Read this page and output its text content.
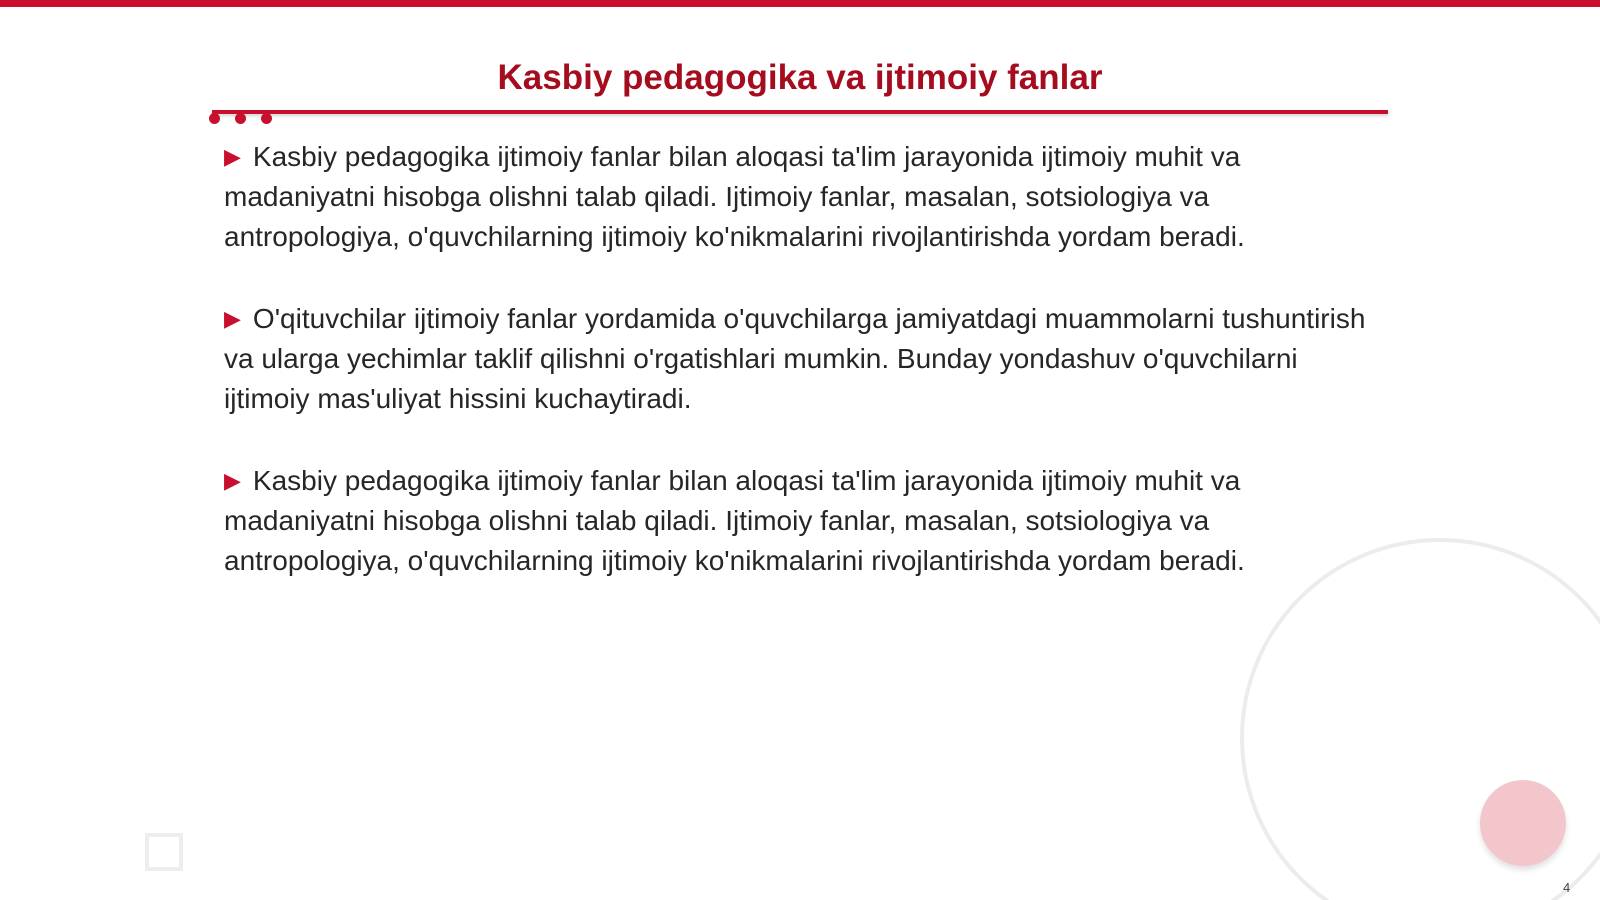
Kasbiy pedagogika va ijtimoiy fanlar

▶ Kasbiy pedagogika ijtimoiy fanlar bilan aloqasi ta'lim jarayonida ijtimoiy muhit va madaniyatni hisobga olishni talab qiladi. Ijtimoiy fanlar, masalan, sotsiologiya va antropologiya, o'quvchilarning ijtimoiy ko'nikmalarini rivojlantirishda yordam beradi.

▶ O'qituvchilar ijtimoiy fanlar yordamida o'quvchilarga jamiyatdagi muammolarni tushuntirish va ularga yechimlar taklif qilishni o'rgatishlari mumkin. Bunday yondashuv o'quvchilarni ijtimoiy mas'uliyat hissini kuchaytiradi.

▶ Kasbiy pedagogika ijtimoiy fanlar bilan aloqasi ta'lim jarayonida ijtimoiy muhit va madaniyatni hisobga olishni talab qiladi. Ijtimoiy fanlar, masalan, sotsiologiya va antropologiya, o'quvchilarning ijtimoiy ko'nikmalarini rivojlantirishda yordam beradi.

4
